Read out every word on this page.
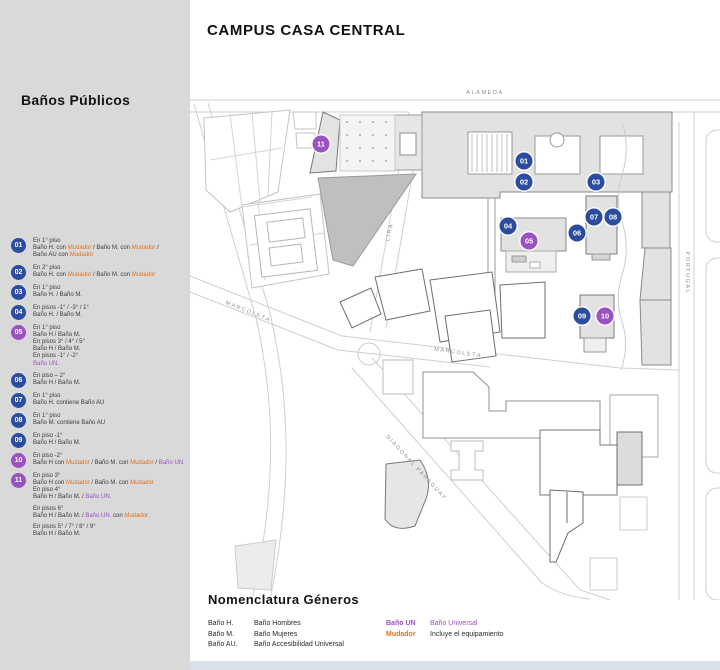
Baños Públicos
01
En 1° piso
Baño H. con Mudador / Baño M. con Mudador /
Baño AU con Mudador
02
En 2° piso
Baño H. con Mudador / Baño M. con Mudador
03
En 1° piso
Baño H. / Baño M.
04
En pisos -1° / -3° / 1°
Baño H. / Baño M.
05
En 1° piso
Baño H / Baño M.
En pisos 3° / 4° / 5°
Baño H / Baño M.
En pisos -1° / -2°
Baño UN.
06
En piso – 2°
Baño H / Baño M.
07
En 1° piso
Baño H. contiene Baño AU
08
En 1° piso
Baño M. contiene Baño AU
09
En piso -1°
Baño H / Baño M.
10
En piso -2°
Baño H con Mudador / Baño M. con Mudador / Baño UN.
11
En piso 3°
Baño H con Mudador / Baño M. con Mudador
En piso 4°
Baño H / Baño M. / Baño UN.
En pisos 6°
Baño H / Baño M. / Baño UN. con Mudador
En pisos 5° / 7° / 8° / 9°
Baño H / Baño M.
CAMPUS CASA CENTRAL
ALAMEDA
LIRA
MARCOLETA
MARCOLETA
DIAGONAL PARAGUAY
PORTUGAL
01
02	03
04
05
06
07	08
09	10
11
Nomenclatura Géneros
Baño H.	Baño Hombres
Baño M.	Baño Mujeres
Baño AU.	Baño Accesibilidad Universal
Baño UN	Baño Universal
Mudador	Incluye el equipamiento
